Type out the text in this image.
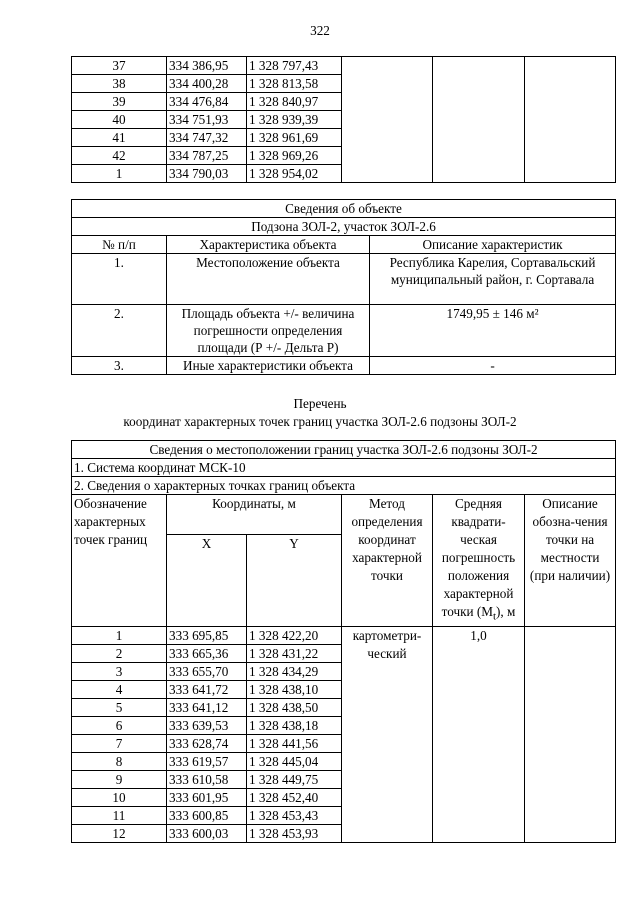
322
37	334 386,95	1 328 797,43			
38	334 400,28	1 328 813,58			
39	334 476,84	1 328 840,97			
40	334 751,93	1 328 939,39			
41	334 747,32	1 328 961,69			
42	334 787,25	1 328 969,26			
1	334 790,03	1 328 954,02			
Сведения об объекте		
Подзона ЗОЛ-2, участок ЗОЛ-2.6		
№ п/п	Характеристика объекта	Описание характеристик
1.	Местоположение объекта	Республика Карелия, Сортавальский муниципальный район, г. Сортавала
2.	Площадь объекта +/- величина погрешности определения площади (Р +/- Дельта Р)	1749,95 ± 146 м²
3.	Иные характеристики объекта	-
Перечень
координат характерных точек границ участка ЗОЛ-2.6 подзоны ЗОЛ-2
Сведения о местоположении границ участка ЗОЛ-2.6 подзоны ЗОЛ-2					
1. Система координат МСК-10					
2. Сведения о характерных точках границ объекта					
Обозначение характерных точек границ	Координаты, м		Метод определения координат характерной точки	Средняя квадрати-ческая погрешность положения характерной точки $(M_t)$, м	Описание обозна-чения точки на местности (при наличии)
	X	Y			
1	333 695,85	1 328 422,20	картометри-ческий	1,0	
2	333 665,36	1 328 431,22			
3	333 655,70	1 328 434,29			
4	333 641,72	1 328 438,10			
5	333 641,12	1 328 438,50			
6	333 639,53	1 328 438,18			
7	333 628,74	1 328 441,56			
8	333 619,57	1 328 445,04			
9	333 610,58	1 328 449,75			
10	333 601,95	1 328 452,40			
11	333 600,85	1 328 453,43			
12	333 600,03	1 328 453,93			
